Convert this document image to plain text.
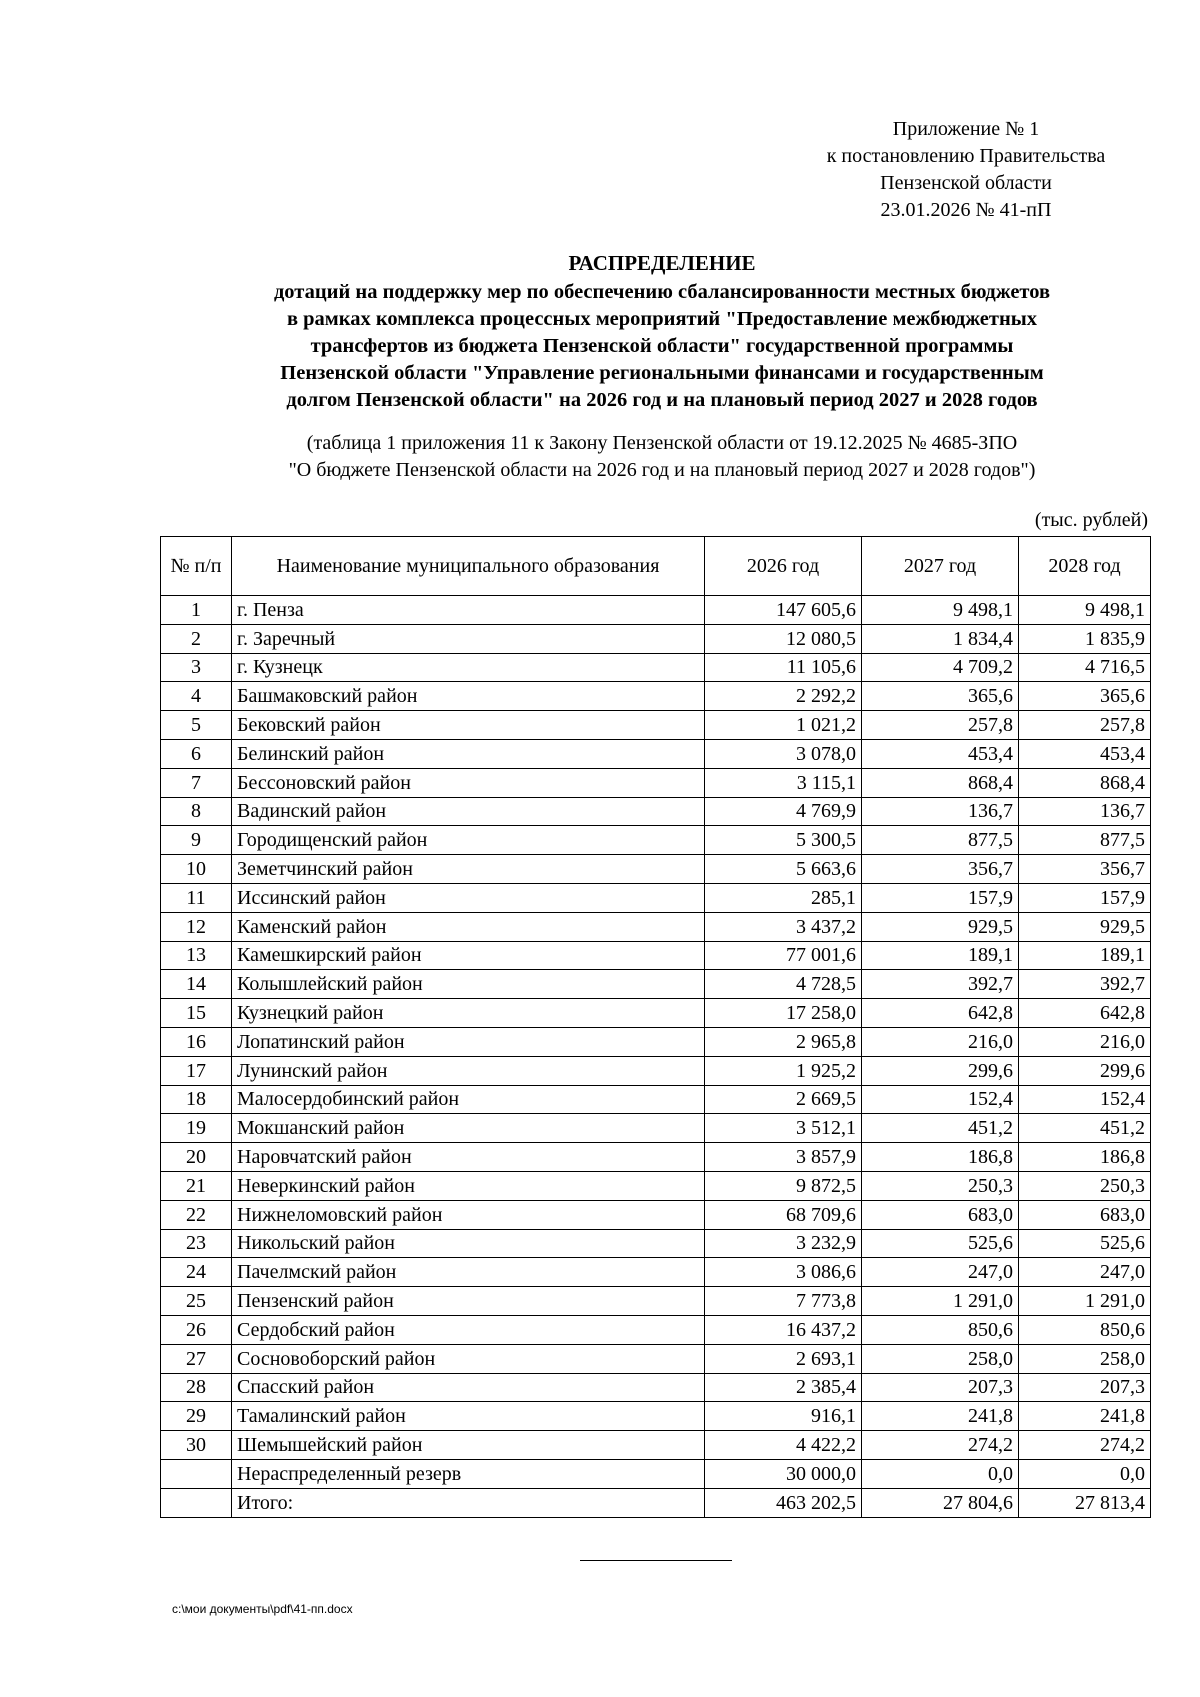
Приложение № 1
к постановлению Правительства
Пензенской области
23.01.2026 № 41-пП
РАСПРЕДЕЛЕНИЕ
дотаций на поддержку мер по обеспечению сбалансированности местных бюджетов
в рамках комплекса процессных мероприятий "Предоставление межбюджетных
трансфертов из бюджета Пензенской области" государственной программы
Пензенской области "Управление региональными финансами и государственным
долгом Пензенской области" на 2026 год и на плановый период 2027 и 2028 годов
(таблица 1 приложения 11 к Закону Пензенской области от 19.12.2025 № 4685-ЗПО
"О бюджете Пензенской области на 2026 год и на плановый период 2027 и 2028 годов")
(тыс. рублей)
№ п/п	Наименование муниципального образования	2026 год	2027 год	2028 год
1	г. Пенза	147 605,6	9 498,1	9 498,1
2	г. Заречный	12 080,5	1 834,4	1 835,9
3	г. Кузнецк	11 105,6	4 709,2	4 716,5
4	Башмаковский район	2 292,2	365,6	365,6
5	Бековский район	1 021,2	257,8	257,8
6	Белинский район	3 078,0	453,4	453,4
7	Бессоновский район	3 115,1	868,4	868,4
8	Вадинский район	4 769,9	136,7	136,7
9	Городищенский район	5 300,5	877,5	877,5
10	Земетчинский район	5 663,6	356,7	356,7
11	Иссинский район	285,1	157,9	157,9
12	Каменский район	3 437,2	929,5	929,5
13	Камешкирский район	77 001,6	189,1	189,1
14	Колышлейский район	4 728,5	392,7	392,7
15	Кузнецкий район	17 258,0	642,8	642,8
16	Лопатинский район	2 965,8	216,0	216,0
17	Лунинский район	1 925,2	299,6	299,6
18	Малосердобинский район	2 669,5	152,4	152,4
19	Мокшанский район	3 512,1	451,2	451,2
20	Наровчатский район	3 857,9	186,8	186,8
21	Неверкинский район	9 872,5	250,3	250,3
22	Нижнеломовский район	68 709,6	683,0	683,0
23	Никольский район	3 232,9	525,6	525,6
24	Пачелмский район	3 086,6	247,0	247,0
25	Пензенский район	7 773,8	1 291,0	1 291,0
26	Сердобский район	16 437,2	850,6	850,6
27	Сосновоборский район	2 693,1	258,0	258,0
28	Спасский район	2 385,4	207,3	207,3
29	Тамалинский район	916,1	241,8	241,8
30	Шемышейский район	4 422,2	274,2	274,2
	Нераспределенный резерв	30 000,0	0,0	0,0
	Итого:	463 202,5	27 804,6	27 813,4
c:\мои документы\pdf\41-пп.docx
